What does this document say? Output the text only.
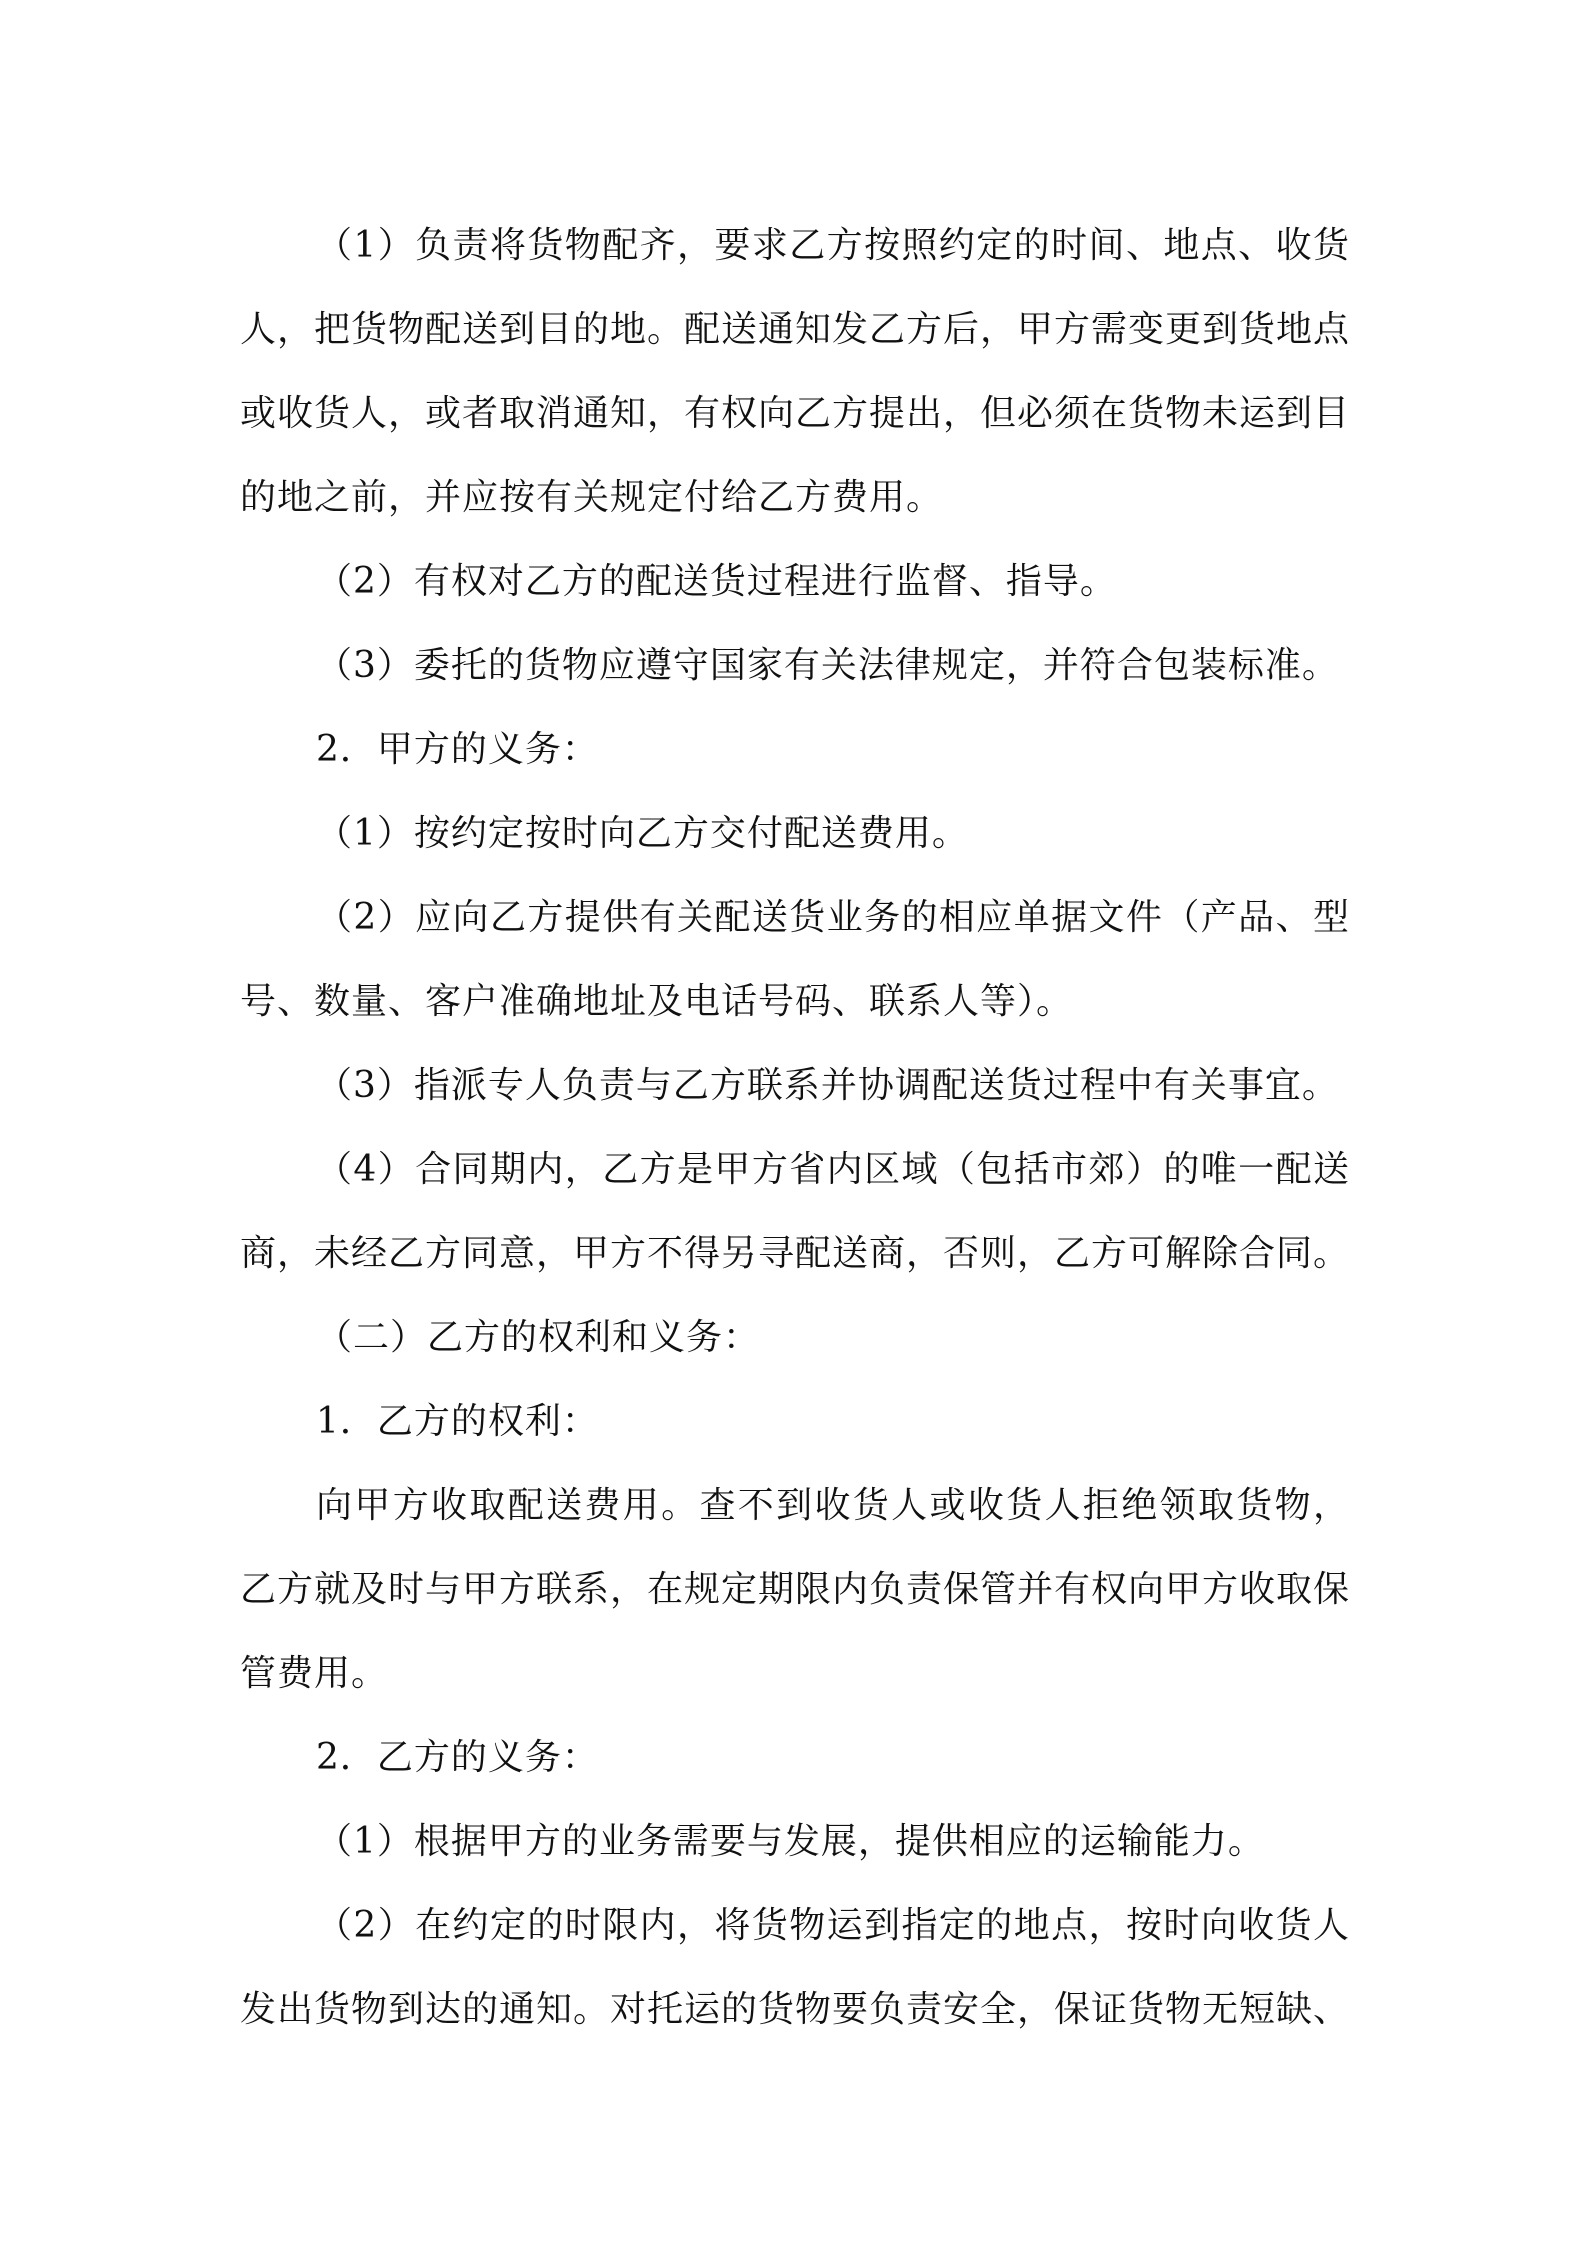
（1）负责将货物配齐，要求乙方按照约定的时间、地点、收货人，把货物配送到目的地。配送通知发乙方后，甲方需变更到货地点或收货人，或者取消通知，有权向乙方提出，但必须在货物未运到目的地之前，并应按有关规定付给乙方费用。

（2）有权对乙方的配送货过程进行监督、指导。

（3）委托的货物应遵守国家有关法律规定，并符合包装标准。

2．甲方的义务：

（1）按约定按时向乙方交付配送费用。

（2）应向乙方提供有关配送货业务的相应单据文件（产品、型号、数量、客户准确地址及电话号码、联系人等）。

（3）指派专人负责与乙方联系并协调配送货过程中有关事宜。

（4）合同期内，乙方是甲方省内区域（包括市郊）的唯一配送商，未经乙方同意，甲方不得另寻配送商，否则，乙方可解除合同。

（二）乙方的权利和义务：

1．乙方的权利：

向甲方收取配送费用。查不到收货人或收货人拒绝领取货物，乙方就及时与甲方联系，在规定期限内负责保管并有权向甲方收取保管费用。

2．乙方的义务：

（1）根据甲方的业务需要与发展，提供相应的运输能力。

（2）在约定的时限内，将货物运到指定的地点，按时向收货人发出货物到达的通知。对托运的货物要负责安全，保证货物无短缺、
